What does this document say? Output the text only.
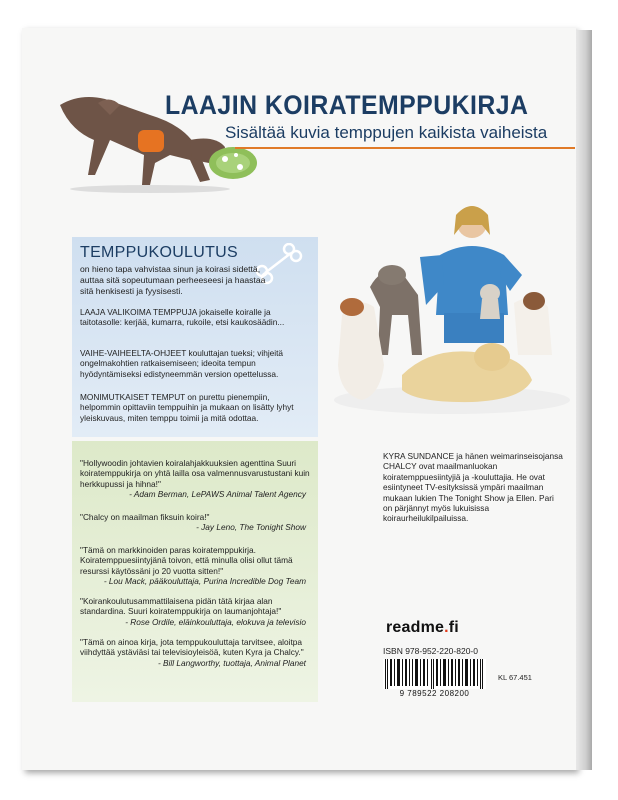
LAAJIN KOIRATEMPPUKIRJA
Sisältää kuvia temppujen kaikista vaiheista
TEMPPUKOULUTUS
on hieno tapa vahvistaa sinun ja koirasi sidettä, auttaa sitä sopeutumaan perheeseesi ja haastaa sitä henkisesti ja fyysisesti.
LAAJA VALIKOIMA TEMPPUJA jokaiselle koiralle ja taitotasolle: kerjää, kumarra, rukoile, etsi kaukosäädin...
VAIHE-VAIHEELTA-OHJEET kouluttajan tueksi; vihjeitä ongelmakohtien ratkaisemiseen; ideoita tempun hyödyntämiseksi edistyneemmän version opettelussa.
MONIMUTKAISET TEMPUT on purettu pienempiin, helpommin opittaviin temppuihin ja mukaan on lisätty lyhyt yleiskuvaus, miten temppu toimii ja mitä odottaa.
"Hollywoodin johtavien koiralahjakkuuksien agenttina Suuri koiratemppukirja on yhtä lailla osa valmennusvarustustani kuin herkkupussi ja hihna!"
- Adam Berman, LePAWS Animal Talent Agency
"Chalcy on maailman fiksuin koira!"
- Jay Leno, The Tonight Show
"Tämä on markkinoiden paras koiratemppukirja. Koiratemppuesiintyjänä toivon, että minulla olisi ollut tämä resurssi käytössäni jo 20 vuotta sitten!"
- Lou Mack, pääkouluttaja, Purina Incredible Dog Team
"Koirankoulutusammattilaisena pidän tätä kirjaa alan standardina. Suuri koiratemppukirja on laumanjohtaja!"
- Rose Ordile, eläinkouluttaja, elokuva ja televisio
"Tämä on ainoa kirja, jota temppukouluttaja tarvitsee, aloitpa viihdyttää ystäviäsi tai televisioyleisöä, kuten Kyra ja Chalcy."
- Bill Langworthy, tuottaja, Animal Planet
KYRA SUNDANCE ja hänen weimarinseisojansa CHALCY ovat maailmanluokan koiratemppuesiintyjiä ja -kouluttajia. He ovat esiintyneet TV-esityksissä ympäri maailman mukaan lukien The Tonight Show ja Ellen. Pari on pärjännyt myös lukuisissa koiraurheilukilpailuissa.
readme.fi
ISBN 978-952-220-820-0
9 789522 208200
KL 67.451
